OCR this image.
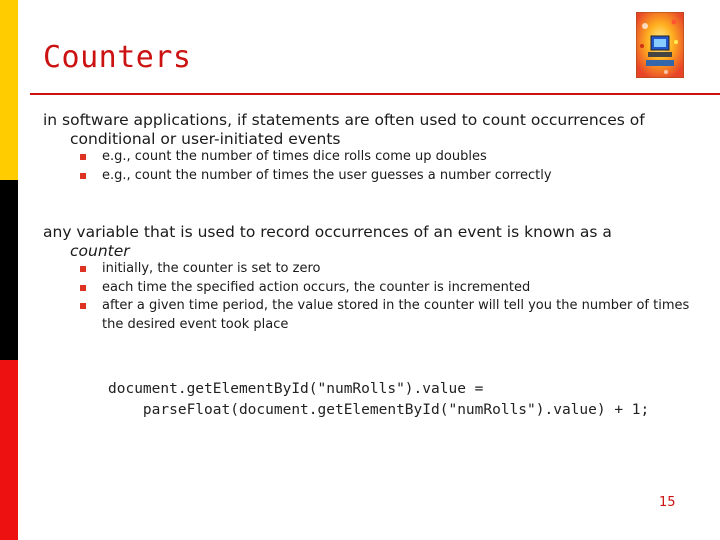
Counters
in software applications, if statements are often used to count occurrences of
conditional or user-initiated events
e.g., count the number of times dice rolls come up doubles
e.g., count the number of times the user guesses a number correctly
any variable that is used to record occurrences of an event is known as a
counter
initially, the counter is set to zero
each time the specified action occurs, the counter is incremented
after a given time period, the value stored in the counter will tell you the number of times the desired event took place
document.getElementById("numRolls").value =
parseFloat(document.getElementById("numRolls").value) + 1;
15
